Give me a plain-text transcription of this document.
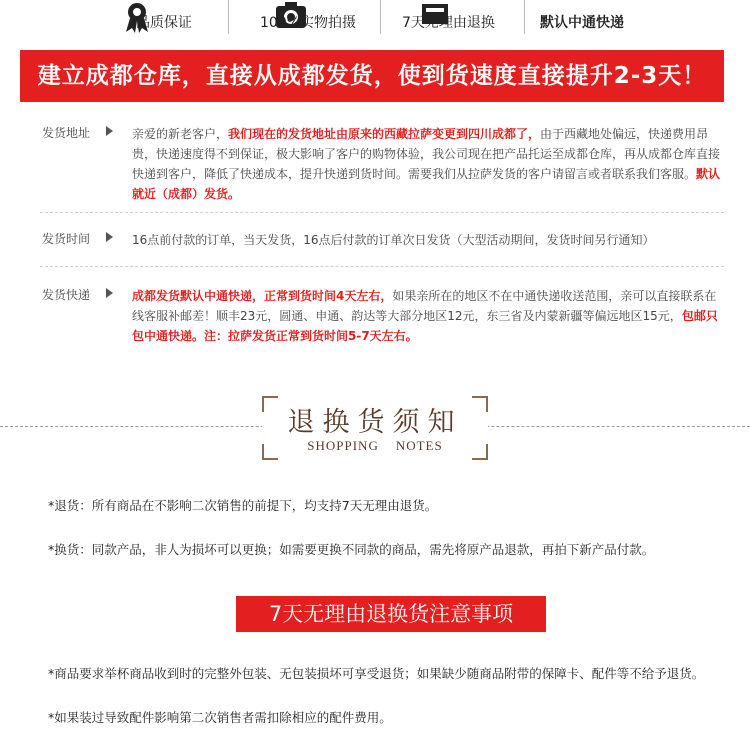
品质保证	100%实物拍摄	7天无理由退换	默认中通快递
建立成都仓库，直接从成都发货，使到货速度直接提升2-3天！
发货地址	亲爱的新老客户，我们现在的发货地址由原来的西藏拉萨变更到四川成都了，由于西藏地处偏远，快递费用昂贵，快递速度得不到保证，极大影响了客户的购物体验，我公司现在把产品托运至成都仓库，再从成都仓库直接快递到客户，降低了快递成本，提升快递到货时间。需要我们从拉萨发货的客户请留言或者联系我们客服。默认就近（成都）发货。
发货时间	16点前付款的订单，当天发货，16点后付款的订单次日发货（大型活动期间，发货时间另行通知）
发货快递	成都发货默认中通快递，正常到货时间4天左右，如果亲所在的地区不在中通快递收送范围，亲可以直接联系在线客服补邮差！顺丰23元，圆通、申通、韵达等大部分地区12元，东三省及内蒙新疆等偏远地区15元，包邮只包中通快递。注：拉萨发货正常到货时间5-7天左右。
退换货须知
SHOPPING    NOTES
*退货：所有商品在不影响二次销售的前提下，均支持7天无理由退货。
*换货：同款产品，非人为损坏可以更换；如需要更换不同款的商品，需先将原产品退款，再拍下新产品付款。
7天无理由退换货注意事项
*商品要求举杯商品收到时的完整外包装、无包装损坏可享受退货；如果缺少随商品附带的保障卡、配件等不给予退货。
*如果装过导致配件影响第二次销售者需扣除相应的配件费用。
